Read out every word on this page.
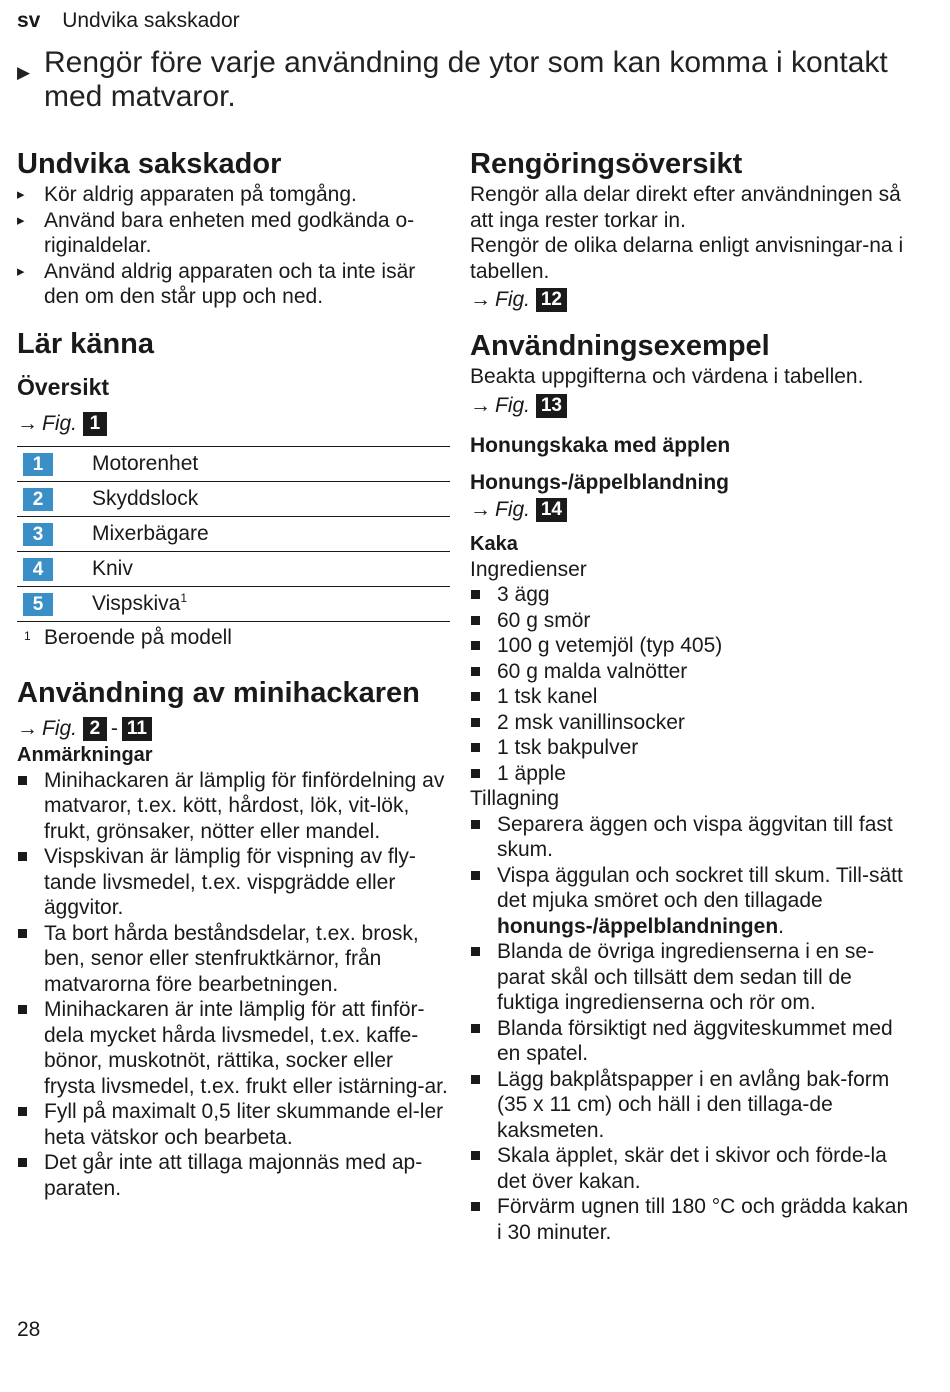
sv Undvika sakskador
▶ Rengör före varje användning de ytor som kan komma i kontakt med matvaror.
Undvika sakskador
▸ Kör aldrig apparaten på tomgång.
▸ Använd bara enheten med godkända o-riginaldelar.
▸ Använd aldrig apparaten och ta inte isär den om den står upp och ned.
Lär känna
Översikt
→ Fig. 1
1	Motorenhet
2	Skyddslock
3	Mixerbägare
4	Kniv
5	Vispskiva$^1$
1 Beroende på modell
Användning av minihackaren
→ Fig. 2 - 11
Anmärkningar
Minihackaren är lämplig för finfördelning av matvaror, t.ex. kött, hårdost, lök, vit-lök, frukt, grönsaker, nötter eller mandel.
Vispskivan är lämplig för vispning av fly-tande livsmedel, t.ex. vispgrädde eller äggvitor.
Ta bort hårda beståndsdelar, t.ex. brosk, ben, senor eller stenfruktkärnor, från matvarorna före bearbetningen.
Minihackaren är inte lämplig för att finför-dela mycket hårda livsmedel, t.ex. kaffe-bönor, muskotnöt, rättika, socker eller frysta livsmedel, t.ex. frukt eller istärning-ar.
Fyll på maximalt 0,5 liter skummande el-ler heta vätskor och bearbeta.
Det går inte att tillaga majonnäs med ap-paraten.
Rengöringsöversikt

Rengör alla delar direkt efter användningen så att inga rester torkar in.

Rengör de olika delarna enligt anvisningar-na i tabellen.

→ Fig. 12
Användningsexempel

Beakta uppgifterna och värdena i tabellen.

→ Fig. 13
Honungskaka med äpplen
Honungs-/äppelblandning
→ Fig. 14
Kaka

Ingredienser

3 ägg
60 g smör
100 g vetemjöl (typ 405)
60 g malda valnötter
1 tsk kanel
2 msk vanillinsocker
1 tsk bakpulver
1 äpple

Tillagning

Separera äggen och vispa äggvitan till fast skum.
Vispa äggulan och sockret till skum. Till-sätt det mjuka smöret och den tillagade honungs-/äppelblandningen.
Blanda de övriga ingredienserna i en se-parat skål och tillsätt dem sedan till de fuktiga ingredienserna och rör om.
Blanda försiktigt ned äggviteskummet med en spatel.
Lägg bakplåtspapper i en avlång bak-form (35 x 11 cm) och häll i den tillaga-de kaksmeten.
Skala äpplet, skär det i skivor och förde-la det över kakan.
Förvärm ugnen till 180 °C och grädda kakan i 30 minuter.
28
